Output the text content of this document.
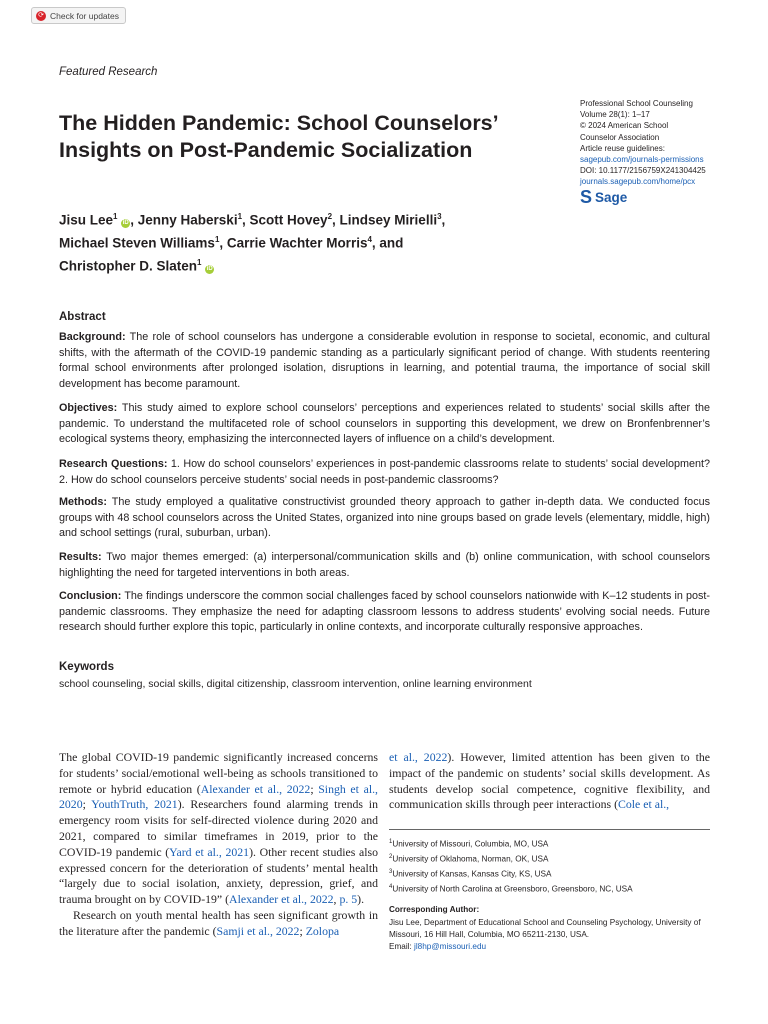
⟳ Check for updates
Featured Research
The Hidden Pandemic: School Counselors’ Insights on Post-Pandemic Socialization
Professional School Counseling
Volume 28(1): 1–17
© 2024 American School
Counselor Association
Article reuse guidelines:
sagepub.com/journals-permissions
DOI: 10.1177/2156759X241304425
journals.sagepub.com/home/pcx
S Sage
Jisu Lee$^1$ iD , Jenny Haberski$^1$, Scott Hovey$^2$, Lindsey Mirielli$^3$,
Michael Steven Williams$^1$, Carrie Wachter Morris$^4$, and
Christopher D. Slaten$^1$ iD
Abstract

Background: The role of school counselors has undergone a considerable evolution in response to societal, economic, and cultural shifts, with the aftermath of the COVID-19 pandemic standing as a particularly significant period of change. With students reentering formal school environments after prolonged isolation, disruptions in learning, and potential trauma, the importance of social skill development has become paramount.

Objectives: This study aimed to explore school counselors’ perceptions and experiences related to students’ social skills after the pandemic. To understand the multifaceted role of school counselors in supporting this development, we drew on Bronfenbrenner’s ecological systems theory, emphasizing the interconnected layers of influence on a child’s development.

Research Questions: 1. How do school counselors’ experiences in post-pandemic classrooms relate to students’ social development? 2. How do school counselors perceive students’ social needs in post-pandemic classrooms?

Methods: The study employed a qualitative constructivist grounded theory approach to gather in-depth data. We conducted focus groups with 48 school counselors across the United States, organized into nine groups based on grade levels (elementary, middle, high) and school settings (rural, suburban, urban).

Results: Two major themes emerged: (a) interpersonal/communication skills and (b) online communication, with school counselors highlighting the need for targeted interventions in both areas.

Conclusion: The findings underscore the common social challenges faced by school counselors nationwide with K–12 students in post-pandemic classrooms. They emphasize the need for adapting classroom lessons to address students’ evolving social needs. Future research should further explore this topic, particularly in online contexts, and incorporate culturally responsive approaches.

Keywords
school counseling, social skills, digital citizenship, classroom intervention, online learning environment

The global COVID-19 pandemic significantly increased concerns for students’ social/emotional well-being as schools transitioned to remote or hybrid education (Alexander et al., 2022; Singh et al., 2020; YouthTruth, 2021). Researchers found alarming trends in emergency room visits for self-directed violence during 2020 and 2021, compared to similar timeframes in 2019, prior to the COVID-19 pandemic (Yard et al., 2021). Other recent studies also expressed concern for the deterioration of students’ mental health “largely due to social isolation, anxiety, depression, grief, and trauma brought on by COVID-19” (Alexander et al., 2022, p. 5).

Research on youth mental health has seen significant growth in the literature after the pandemic (Samji et al., 2022; Zolopa

et al., 2022). However, limited attention has been given to the impact of the pandemic on students’ social skills development. As students develop social competence, cognitive flexibility, and communication skills through peer interactions (Cole et al.,

$^1$University of Missouri, Columbia, MO, USA
$^2$University of Oklahoma, Norman, OK, USA
$^3$University of Kansas, Kansas City, KS, USA
$^4$University of North Carolina at Greensboro, Greensboro, NC, USA
Corresponding Author:
Jisu Lee, Department of Educational School and Counseling Psychology, University of Missouri, 16 Hill Hall, Columbia, MO 65211-2130, USA.
Email: jl8hp@missouri.edu
